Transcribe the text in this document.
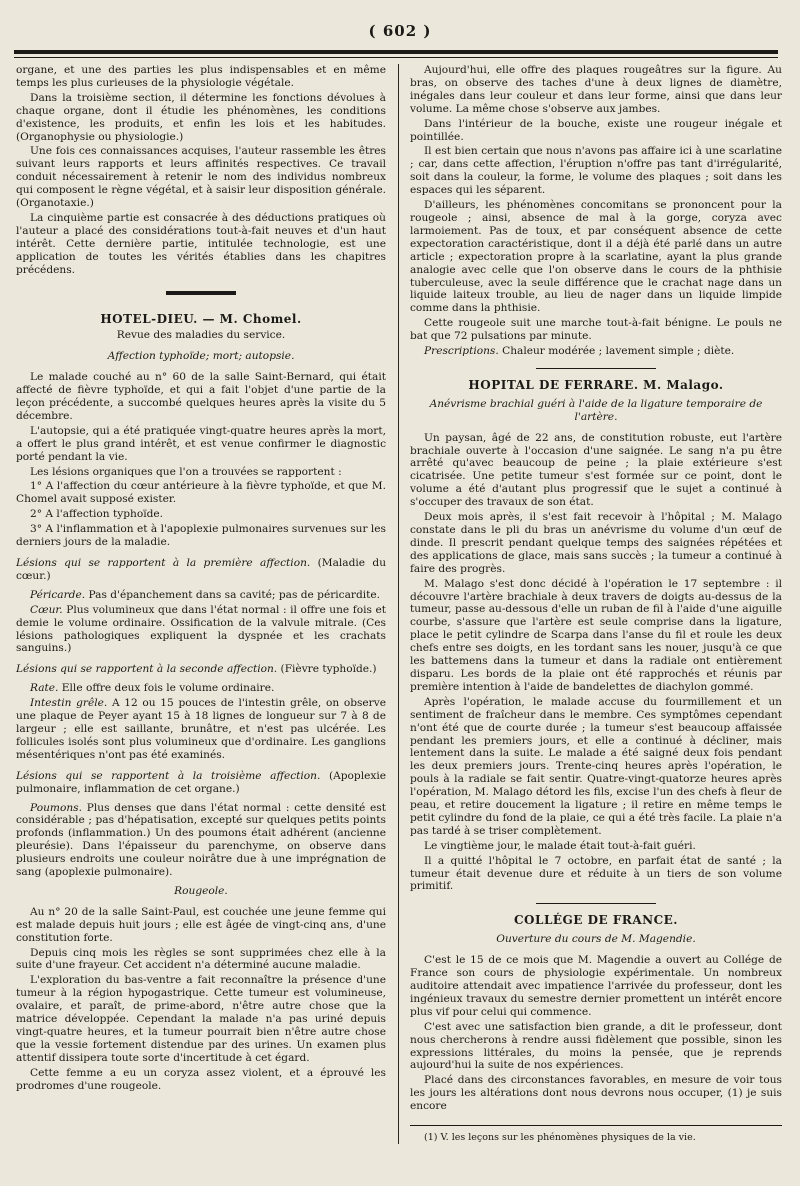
( 602 )

organe, et une des parties les plus indispensables et en même temps les plus curieuses de la physiologie végétale.

Dans la troisième section, il détermine les fonctions dévolues à chaque organe, dont il étudie les phénomènes, les conditions d'existence, les produits, et enfin les lois et les habitudes. (Organophysie ou physiologie.)

Une fois ces connaissances acquises, l'auteur rassemble les êtres suivant leurs rapports et leurs affinités respectives. Ce travail conduit nécessairement à retenir le nom des individus nombreux qui composent le règne végétal, et à saisir leur disposition générale. (Organotaxie.)

La cinquième partie est consacrée à des déductions pratiques où l'auteur a placé des considérations tout-à-fait neuves et d'un haut intérêt. Cette dernière partie, intitulée technologie, est une application de toutes les vérités établies dans les chapitres précédens.

HOTEL-DIEU. — M. Chomel.
Revue des maladies du service.
Affection typhoïde; mort; autopsie.

Le malade couché au n° 60 de la salle Saint-Bernard, qui était affecté de fièvre typhoïde, et qui a fait l'objet d'une partie de la leçon précédente, a succombé quelques heures après la visite du 5 décembre.

L'autopsie, qui a été pratiquée vingt-quatre heures après la mort, a offert le plus grand intérêt, et est venue confirmer le diagnostic porté pendant la vie.

Les lésions organiques que l'on a trouvées se rapportent :

1° A l'affection du cœur antérieure à la fièvre typhoïde, et que M. Chomel avait supposé exister.

2° A l'affection typhoïde.

3° A l'inflammation et à l'apoplexie pulmonaires survenues sur les derniers jours de la maladie.

Lésions qui se rapportent à la première affection. (Maladie du cœur.)

Péricarde. Pas d'épanchement dans sa cavité; pas de péricardite.

Cœur. Plus volumineux que dans l'état normal : il offre une fois et demie le volume ordinaire. Ossification de la valvule mitrale. (Ces lésions pathologiques expliquent la dyspnée et les crachats sanguins.)

Lésions qui se rapportent à la seconde affection. (Fièvre typhoïde.)

Rate. Elle offre deux fois le volume ordinaire.

Intestin grêle. A 12 ou 15 pouces de l'intestin grêle, on observe une plaque de Peyer ayant 15 à 18 lignes de longueur sur 7 à 8 de largeur ; elle est saillante, brunâtre, et n'est pas ulcérée. Les follicules isolés sont plus volumineux que d'ordinaire. Les ganglions mésentériques n'ont pas été examinés.

Lésions qui se rapportent à la troisième affection. (Apoplexie pulmonaire, inflammation de cet organe.)

Poumons. Plus denses que dans l'état normal : cette densité est considérable ; pas d'hépatisation, excepté sur quelques petits points profonds (inflammation.) Un des poumons était adhérent (ancienne pleurésie). Dans l'épaisseur du parenchyme, on observe dans plusieurs endroits une couleur noirâtre due à une imprégnation de sang (apoplexie pulmonaire).

Rougeole.

Au n° 20 de la salle Saint-Paul, est couchée une jeune femme qui est malade depuis huit jours ; elle est âgée de vingt-cinq ans, d'une constitution forte.

Depuis cinq mois les règles se sont supprimées chez elle à la suite d'une frayeur. Cet accident n'a déterminé aucune maladie.

L'exploration du bas-ventre a fait reconnaître la présence d'une tumeur à la région hypogastrique. Cette tumeur est volumineuse, ovalaire, et paraît, de prime-abord, n'être autre chose que la matrice développée. Cependant la malade n'a pas uriné depuis vingt-quatre heures, et la tumeur pourrait bien n'être autre chose que la vessie fortement distendue par des urines. Un examen plus attentif dissipera toute sorte d'incertitude à cet égard.

Cette femme a eu un coryza assez violent, et a éprouvé les prodromes d'une rougeole.

Aujourd'hui, elle offre des plaques rougeâtres sur la figure. Au bras, on observe des taches d'une à deux lignes de diamètre, inégales dans leur couleur et dans leur forme, ainsi que dans leur volume. La même chose s'observe aux jambes.

Dans l'intérieur de la bouche, existe une rougeur inégale et pointillée.

Il est bien certain que nous n'avons pas affaire ici à une scarlatine ; car, dans cette affection, l'éruption n'offre pas tant d'irrégularité, soit dans la couleur, la forme, le volume des plaques ; soit dans les espaces qui les séparent.

D'ailleurs, les phénomènes concomitans se prononcent pour la rougeole ; ainsi, absence de mal à la gorge, coryza avec larmoiement. Pas de toux, et par conséquent absence de cette expectoration caractéristique, dont il a déjà été parlé dans un autre article ; expectoration propre à la scarlatine, ayant la plus grande analogie avec celle que l'on observe dans le cours de la phthisie tuberculeuse, avec la seule différence que le crachat nage dans un liquide laiteux trouble, au lieu de nager dans un liquide limpide comme dans la phthisie.

Cette rougeole suit une marche tout-à-fait bénigne. Le pouls ne bat que 72 pulsations par minute.

Prescriptions. Chaleur modérée ; lavement simple ; diète.

HOPITAL DE FERRARE. M. Malago.
Anévrisme brachial guéri à l'aide de la ligature temporaire de l'artère.

Un paysan, âgé de 22 ans, de constitution robuste, eut l'artère brachiale ouverte à l'occasion d'une saignée. Le sang n'a pu être arrêté qu'avec beaucoup de peine ; la plaie extérieure s'est cicatrisée. Une petite tumeur s'est formée sur ce point, dont le volume a été d'autant plus progressif que le sujet a continué à s'occuper des travaux de son état.

Deux mois après, il s'est fait recevoir à l'hôpital ; M. Malago constate dans le pli du bras un anévrisme du volume d'un œuf de dinde. Il prescrit pendant quelque temps des saignées répétées et des applications de glace, mais sans succès ; la tumeur a continué à faire des progrès.

M. Malago s'est donc décidé à l'opération le 17 septembre : il découvre l'artère brachiale à deux travers de doigts au-dessus de la tumeur, passe au-dessous d'elle un ruban de fil à l'aide d'une aiguille courbe, s'assure que l'artère est seule comprise dans la ligature, place le petit cylindre de Scarpa dans l'anse du fil et roule les deux chefs entre ses doigts, en les tordant sans les nouer, jusqu'à ce que les battemens dans la tumeur et dans la radiale ont entièrement disparu. Les bords de la plaie ont été rapprochés et réunis par première intention à l'aide de bandelettes de diachylon gommé.

Après l'opération, le malade accuse du fourmillement et un sentiment de fraîcheur dans le membre. Ces symptômes cependant n'ont été que de courte durée ; la tumeur s'est beaucoup affaissée pendant les premiers jours, et elle a continué à décliner, mais lentement dans la suite. Le malade a été saigné deux fois pendant les deux premiers jours. Trente-cinq heures après l'opération, le pouls à la radiale se fait sentir. Quatre-vingt-quatorze heures après l'opération, M. Malago détord les fils, excise l'un des chefs à fleur de peau, et retire doucement la ligature ; il retire en même temps le petit cylindre du fond de la plaie, ce qui a été très facile. La plaie n'a pas tardé à se triser complètement.

Le vingtième jour, le malade était tout-à-fait guéri.

Il a quitté l'hôpital le 7 octobre, en parfait état de santé ; la tumeur était devenue dure et réduite à un tiers de son volume primitif.

COLLÉGE DE FRANCE.
Ouverture du cours de M. Magendie.

C'est le 15 de ce mois que M. Magendie a ouvert au Collége de France son cours de physiologie expérimentale. Un nombreux auditoire attendait avec impatience l'arrivée du professeur, dont les ingénieux travaux du semestre dernier promettent un intérêt encore plus vif pour celui qui commence.

C'est avec une satisfaction bien grande, a dit le professeur, dont nous chercherons à rendre aussi fidèlement que possible, sinon les expressions littérales, du moins la pensée, que je reprends aujourd'hui la suite de nos expériences.

Placé dans des circonstances favorables, en mesure de voir tous les jours les altérations dont nous devrons nous occuper, (1) je suis encore

(1) V. les leçons sur les phénomènes physiques de la vie.
